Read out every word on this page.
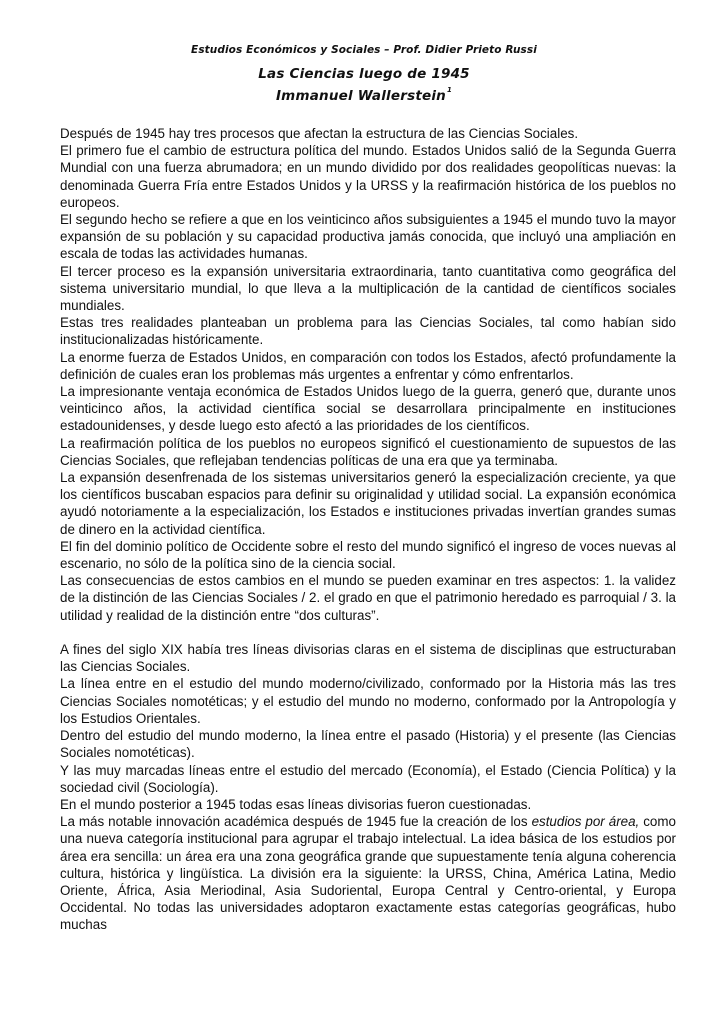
Estudios Económicos y Sociales – Prof. Didier Prieto Russi
Las Ciencias luego de 1945
Immanuel Wallerstein$^1$

Después de 1945 hay tres procesos que afectan la estructura de las Ciencias Sociales.

El primero fue el cambio de estructura política del mundo. Estados Unidos salió de la Segunda Guerra Mundial con una fuerza abrumadora; en un mundo dividido por dos realidades geopolíticas nuevas: la denominada Guerra Fría entre Estados Unidos y la URSS y la reafirmación histórica de los pueblos no europeos.

El segundo hecho se refiere a que en los veinticinco años subsiguientes a 1945 el mundo tuvo la mayor expansión de su población y su capacidad productiva jamás conocida, que incluyó una ampliación en escala de todas las actividades humanas.

El tercer proceso es la expansión universitaria extraordinaria, tanto cuantitativa como geográfica del sistema universitario mundial, lo que lleva a la multiplicación de la cantidad de científicos sociales mundiales.

Estas tres realidades planteaban un problema para las Ciencias Sociales, tal como habían sido institucionalizadas históricamente.

La enorme fuerza de Estados Unidos, en comparación con todos los Estados, afectó profundamente la definición de cuales eran los problemas más urgentes a enfrentar y cómo enfrentarlos.

La impresionante ventaja económica de Estados Unidos luego de la guerra, generó que, durante unos veinticinco años, la actividad científica social se desarrollara principalmente en instituciones estadounidenses, y desde luego esto afectó a las prioridades de los científicos.

La reafirmación política de los pueblos no europeos significó el cuestionamiento de supuestos de las Ciencias Sociales, que reflejaban tendencias políticas de una era que ya terminaba.

La expansión desenfrenada de los sistemas universitarios generó la especialización creciente, ya que los científicos buscaban espacios para definir su originalidad y utilidad social. La expansión económica ayudó notoriamente a la especialización, los Estados e instituciones privadas invertían grandes sumas de dinero en la actividad científica.

El fin del dominio político de Occidente sobre el resto del mundo significó el ingreso de voces nuevas al escenario, no sólo de la política sino de la ciencia social.

Las consecuencias de estos cambios en el mundo se pueden examinar en tres aspectos: 1. la validez de la distinción de las Ciencias Sociales / 2. el grado en que el patrimonio heredado es parroquial / 3. la utilidad y realidad de la distinción entre “dos culturas”.

A fines del siglo XIX había tres líneas divisorias claras en el sistema de disciplinas que estructuraban las Ciencias Sociales.

La línea entre en el estudio del mundo moderno/civilizado, conformado por la Historia más las tres Ciencias Sociales nomotéticas; y el estudio del mundo no moderno, conformado por la Antropología y los Estudios Orientales.

Dentro del estudio del mundo moderno, la línea entre el pasado (Historia) y el presente (las Ciencias Sociales nomotéticas).

Y las muy marcadas líneas entre el estudio del mercado (Economía), el Estado (Ciencia Política) y la sociedad civil (Sociología).

En el mundo posterior a 1945 todas esas líneas divisorias fueron cuestionadas.

La más notable innovación académica después de 1945 fue la creación de los estudios por área, como una nueva categoría institucional para agrupar el trabajo intelectual. La idea básica de los estudios por área era sencilla: un área era una zona geográfica grande que supuestamente tenía alguna coherencia cultura, histórica y lingüística. La división era la siguiente: la URSS, China, América Latina, Medio Oriente, África, Asia Meriodinal, Asia Sudoriental, Europa Central y Centro-oriental, y Europa Occidental. No todas las universidades adoptaron exactamente estas categorías geográficas, hubo muchas
